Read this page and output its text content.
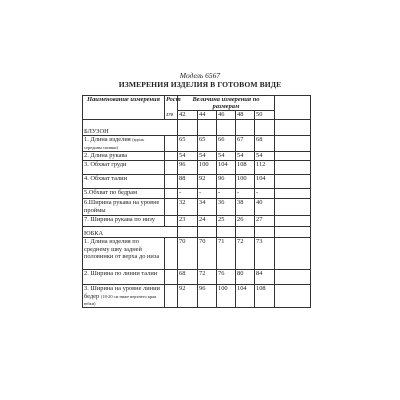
Модель 6567
ИЗМЕРЕНИЯ ИЗДЕЛИЯ В ГОТОВОМ ВИДЕ
Наименование измерения	Рост
170	Величина измерения по размерам					
		42	44	46	48	50	
БЛУЗОН							
1. Длина изделия (вдоль середины спинки)		65	65	66	67	68	
2. Длина рукава		54	54	54	54	54	
3. Обхват груди		96	100	104	108	112	
4. Обхват талии		88	92	96	100	104	
5.Обхват по бедрам		-	-	-	-	-	
6.Ширина рукава на уровне проймы		32	34	36	38	40	
7. Ширина рукава по низу		23	24	25	26	27	
ЮБКА							
1. Длина изделия по среднему шву задней половинки от верха до низа		70	70	71	72	73	
2. Ширина по линии талии		68	72	76	80	84	
3. Ширина на уровне линии бедер (18-20 см ниже верхнего края юбки)		92	96	100	104	108	
